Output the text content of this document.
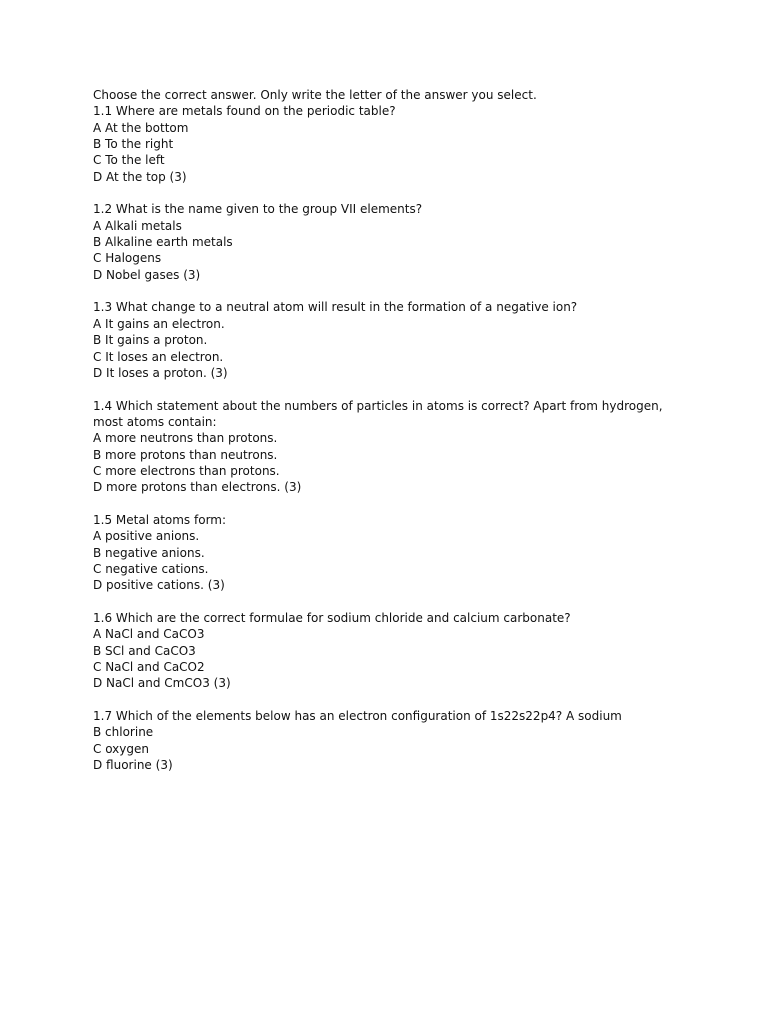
Choose the correct answer. Only write the letter of the answer you select.
1.1 Where are metals found on the periodic table?
A At the bottom
B To the right
C To the left
D At the top (3)
1.2 What is the name given to the group VII elements?
A Alkali metals
B Alkaline earth metals
C Halogens
D Nobel gases (3)
1.3 What change to a neutral atom will result in the formation of a negative ion?
A It gains an electron.
B It gains a proton.
C It loses an electron.
D It loses a proton. (3)
1.4 Which statement about the numbers of particles in atoms is correct? Apart from hydrogen, most atoms contain:
A more neutrons than protons.
B more protons than neutrons.
C more electrons than protons.
D more protons than electrons. (3)
1.5 Metal atoms form:
A positive anions.
B negative anions.
C negative cations.
D positive cations. (3)
1.6 Which are the correct formulae for sodium chloride and calcium carbonate?
A NaCl and CaCO3
B SCl and CaCO3
C NaCl and CaCO2
D NaCl and CmCO3 (3)
1.7 Which of the elements below has an electron configuration of 1s22s22p4? A sodium
B chlorine
C oxygen
D fluorine (3)
